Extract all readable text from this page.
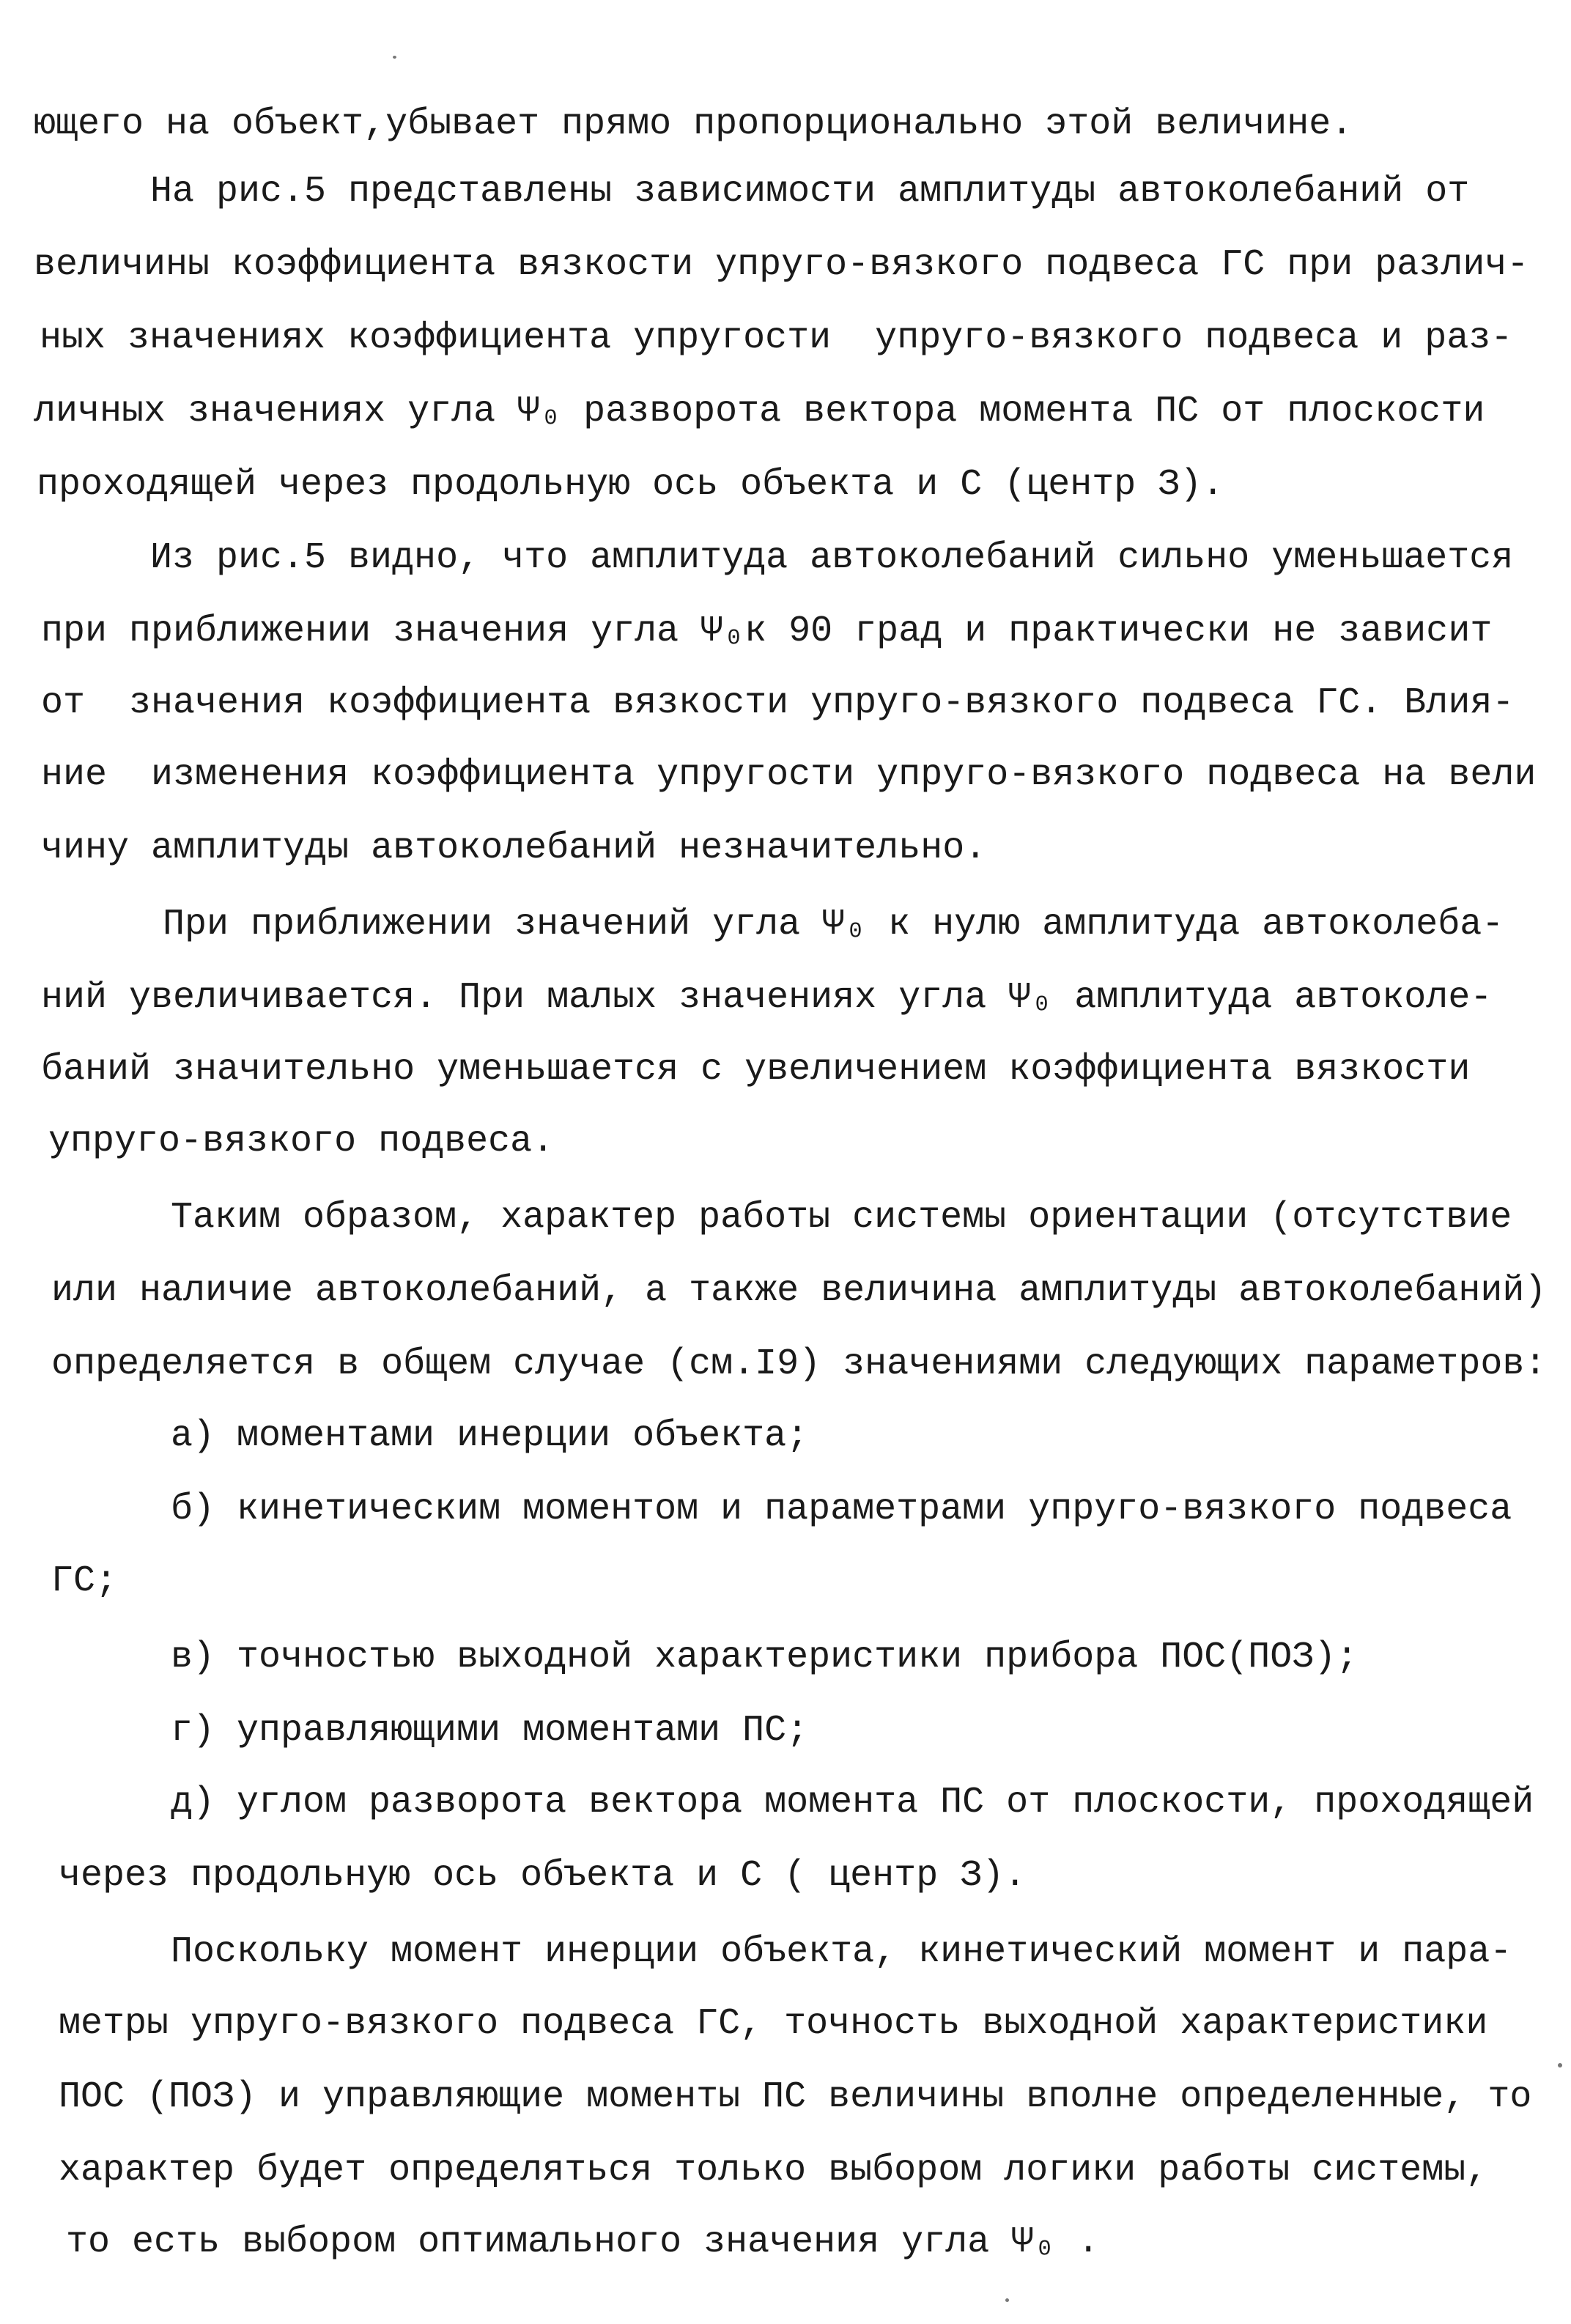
ющего на объект,убывает прямо пропорционально этой величине.

На рис.5 представлены зависимости амплитуды автоколебаний от

величины коэффициента вязкости упруго-вязкого подвеса ГС при различ-

ных значениях коэффициента упругости  упруго-вязкого подвеса и раз-

личных значениях угла Ψ₀ разворота вектора момента ПС от плоскости

проходящей через продольную ось объекта и С (центр З).

Из рис.5 видно, что амплитуда автоколебаний сильно уменьшается

при приближении значения угла Ψ₀к 90 град и практически не зависит

от  значения коэффициента вязкости упруго-вязкого подвеса ГС. Влия-

ние  изменения коэффициента упругости упруго-вязкого подвеса на вели

чину амплитуды автоколебаний незначительно.

При приближении значений угла Ψ₀ к нулю амплитуда автоколеба-

ний увеличивается. При малых значениях угла Ψ₀ амплитуда автоколе-

баний значительно уменьшается с увеличением коэффициента вязкости

упруго-вязкого подвеса.

Таким образом, характер работы системы ориентации (отсутствие

или наличие автоколебаний, а также величина амплитуды автоколебаний)

определяется в общем случае (см.I9) значениями следующих параметров:

а) моментами инерции объекта;

б) кинетическим моментом и параметрами упруго-вязкого подвеса

ГС;

в) точностью выходной характеристики прибора ПОС(ПОЗ);

г) управляющими моментами ПС;

д) углом разворота вектора момента ПС от плоскости, проходящей

через продольную ось объекта и С ( центр З).

Поскольку момент инерции объекта, кинетический момент и пара-

метры упруго-вязкого подвеса ГС, точность выходной характеристики

ПОС (ПОЗ) и управляющие моменты ПС величины вполне определенные, то

характер будет определяться только выбором логики работы системы,

то есть выбором оптимального значения угла Ψ₀ .
